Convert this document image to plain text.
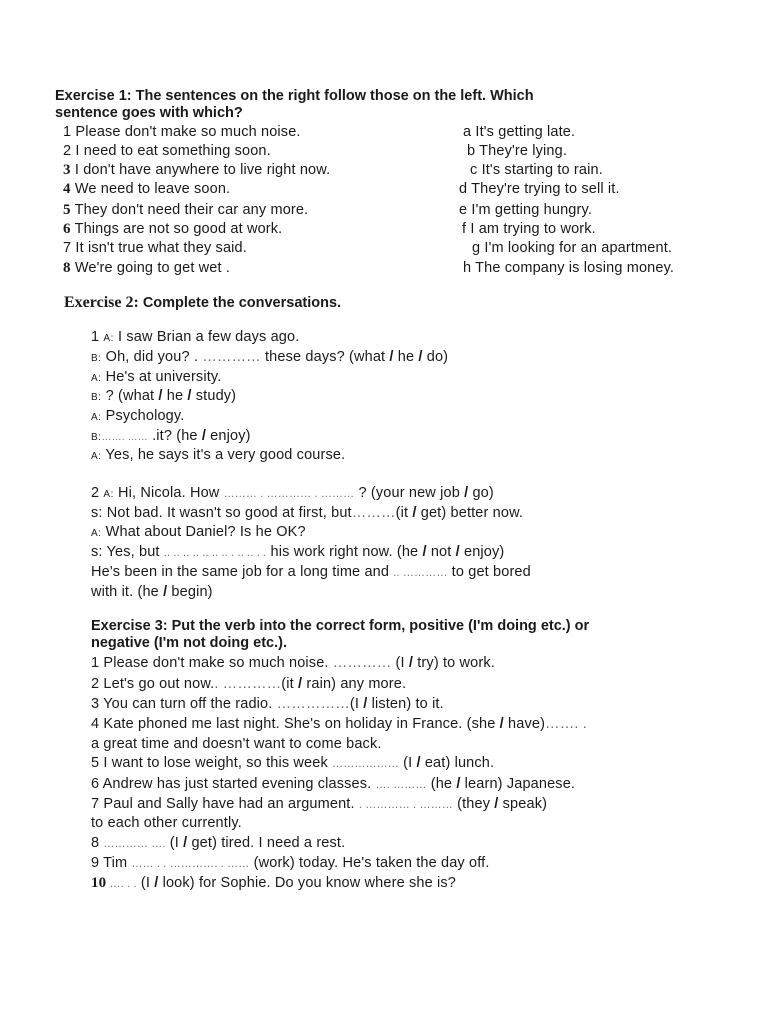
Exercise 1: The sentences on the right follow those on the left. Which
sentence goes with which?
1 Please don't make so much noise.
2 I need to eat something soon.
3 I don't have anywhere to live right now.
4 We need to leave soon.
5 They don't need their car any more.
6 Things are not so good at work.
7 It isn't true what they said.
8 We're going to get wet .
a It's getting late.
b They're lying.
c It's starting to rain.
d They're trying to sell it.
e I'm getting hungry.
f I am trying to work.
g I'm looking for an apartment.
h The company is losing money.
Exercise 2: Complete the conversations.
1 A: I saw Brian a few days ago.
B: Oh, did you? . ………… these days? (what / he / do)
A: He's at university.
B: ? (what / he / study)
A: Psychology.
B:……. …… .it? (he / enjoy)
A: Yes, he says it's a very good course.
2 A: Hi, Nicola. How ……… . ………… . ……… ? (your new job / go)
s: Not bad. It wasn't so good at first, but………(it / get) better now.
A: What about Daniel? Is he OK?
s: Yes, but .. .. .. .. .. .. .. . .. .. . . his work right now. (he / not / enjoy)
He's been in the same job for a long time and .. ………… to get bored
with it. (he / begin)
Exercise 3: Put the verb into the correct form, positive (I'm doing etc.) or
negative (I'm not doing etc.).
1 Please don't make so much noise. ………… (I / try) to work.
2 Let's go out now.. …………(it / rain) any more.
3 You can turn off the radio. ……………(I / listen) to it.
4 Kate phoned me last night. She's on holiday in France. (she / have)……. .
a great time and doesn't want to come back.
5 I want to lose weight, so this week ……………… (I / eat) lunch.
6 Andrew has just started evening classes. …. ……… (he / learn) Japanese.
7 Paul and Sally have had an argument. . ………… . ……… (they / speak)
to each other currently.
8 ………… …. (I / get) tired. I need a rest.
9 Tim …… . . …………. . …… (work) today. He's taken the day off.
10 …. . . (I / look) for Sophie. Do you know where she is?
